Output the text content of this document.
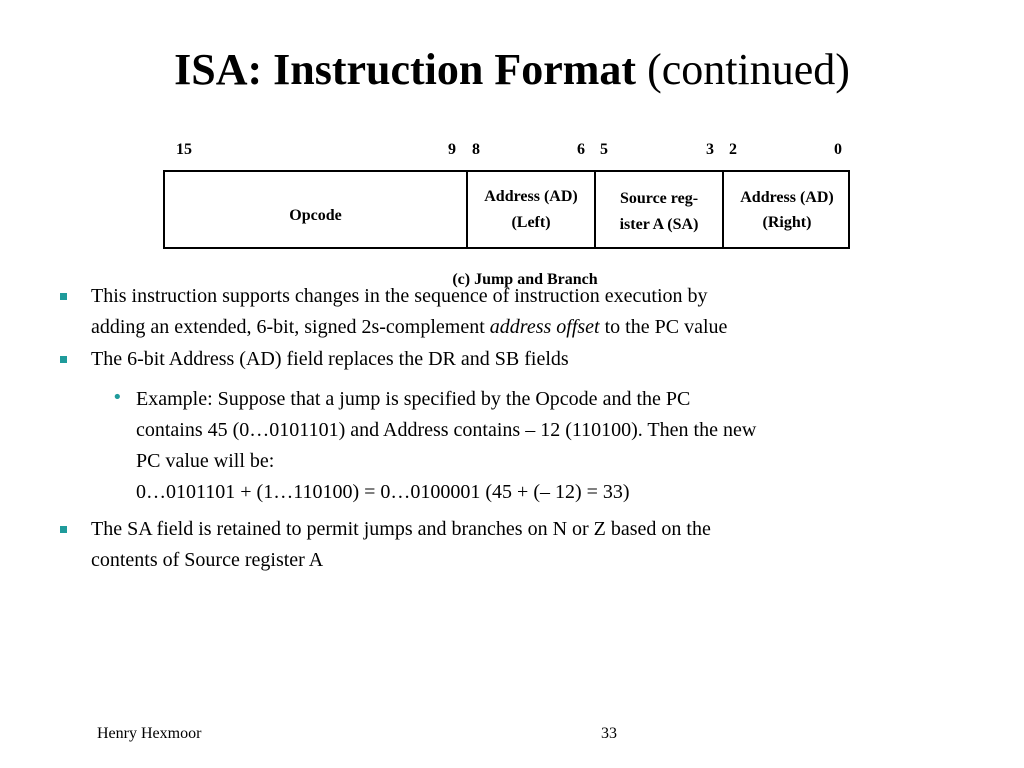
ISA: Instruction Format (continued)
15	9	8	6 5	3 2	0
Opcode
Address (AD)
(Left)
Source reg-
ister A (SA)
Address (AD)
(Right)
(c) Jump and Branch
This instruction supports changes in the sequence of instruction execution by
adding an extended, 6-bit, signed 2s-complement address offset to the PC value
The 6-bit Address (AD) field replaces the DR and SB fields
• Example: Suppose that a jump is specified by the Opcode and the PC
contains 45 (0…0101101) and Address contains – 12 (110100). Then the new
PC value will be:
0…0101101 + (1…110100) = 0…0100001 (45 + (– 12) = 33)
The SA field is retained to permit jumps and branches on N or Z based on the
contents of Source register A
Henry Hexmoor	33
